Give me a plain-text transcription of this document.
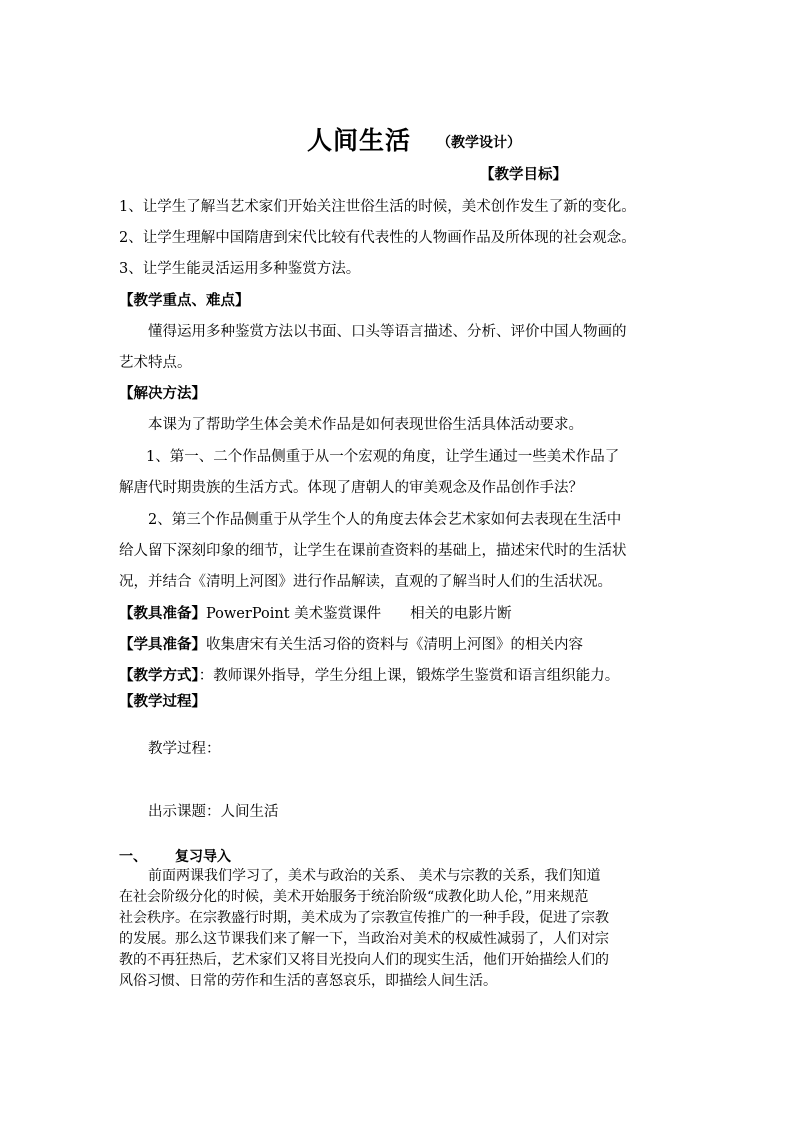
人间生活 （教学设计）
【教学目标】
1、让学生了解当艺术家们开始关注世俗生活的时候，美术创作发生了新的变化。
2、让学生理解中国隋唐到宋代比较有代表性的人物画作品及所体现的社会观念。
3、让学生能灵活运用多种鉴赏方法。
【教学重点、难点】
懂得运用多种鉴赏方法以书面、口头等语言描述、分析、评价中国人物画的
艺术特点。
【解决方法】
本课为了帮助学生体会美术作品是如何表现世俗生活具体活动要求。
1、第一、二个作品侧重于从一个宏观的角度，让学生通过一些美术作品了
解唐代时期贵族的生活方式。体现了唐朝人的审美观念及作品创作手法？
2、第三个作品侧重于从学生个人的角度去体会艺术家如何去表现在生活中
给人留下深刻印象的细节，让学生在课前查资料的基础上，描述宋代时的生活状
况，并结合《清明上河图》进行作品解读，直观的了解当时人们的生活状况。
【教具准备】PowerPoint 美术鉴赏课件　　相关的电影片断
【学具准备】收集唐宋有关生活习俗的资料与《清明上河图》的相关内容
【教学方式】：教师课外指导，学生分组上课，锻炼学生鉴赏和语言组织能力。
【教学过程】
教学过程：
出示课题：人间生活
一、 复习导入
前面两课我们学习了，美术与政治的关系、 美术与宗教的关系，我们知道
在社会阶级分化的时候，美术开始服务于统治阶级“成教化助人伦，”用来规范
社会秩序。在宗教盛行时期，美术成为了宗教宣传推广的一种手段，促进了宗教
的发展。那么这节课我们来了解一下，当政治对美术的权威性减弱了，人们对宗
教的不再狂热后，艺术家们又将目光投向人们的现实生活，他们开始描绘人们的
风俗习惯、日常的劳作和生活的喜怒哀乐，即描绘人间生活。
